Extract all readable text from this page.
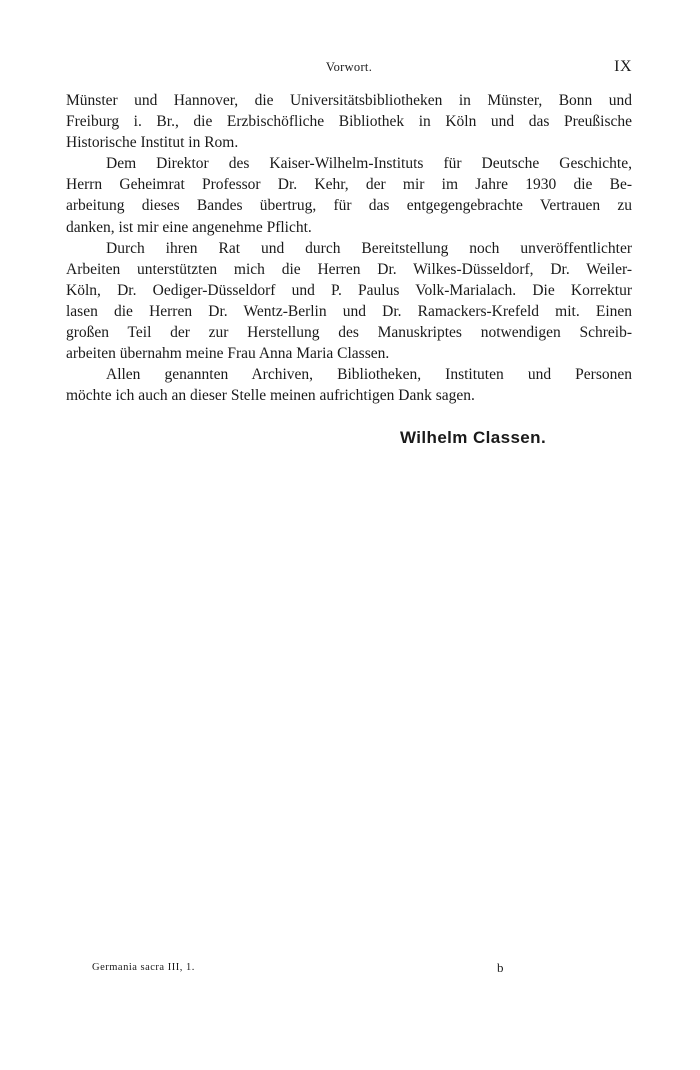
Vorwort.	IX

Münster und Hannover, die Universitätsbibliotheken in Münster, Bonn und
Freiburg i. Br., die Erzbischöfliche Bibliothek in Köln und das Preußische
Historische Institut in Rom.

Dem Direktor des Kaiser-Wilhelm-Instituts für Deutsche Geschichte,
Herrn Geheimrat Professor Dr. Kehr, der mir im Jahre 1930 die Be-
arbeitung dieses Bandes übertrug, für das entgegengebrachte Vertrauen zu
danken, ist mir eine angenehme Pflicht.

Durch ihren Rat und durch Bereitstellung noch unveröffentlichter
Arbeiten unterstützten mich die Herren Dr. Wilkes-Düsseldorf, Dr. Weiler-
Köln, Dr. Oediger-Düsseldorf und P. Paulus Volk-Marialach. Die Korrektur
lasen die Herren Dr. Wentz-Berlin und Dr. Ramackers-Krefeld mit. Einen
großen Teil der zur Herstellung des Manuskriptes notwendigen Schreib-
arbeiten übernahm meine Frau Anna Maria Classen.

Allen genannten Archiven, Bibliotheken, Instituten und Personen
möchte ich auch an dieser Stelle meinen aufrichtigen Dank sagen.

Wilhelm Classen.
Germania sacra III, 1.	b
